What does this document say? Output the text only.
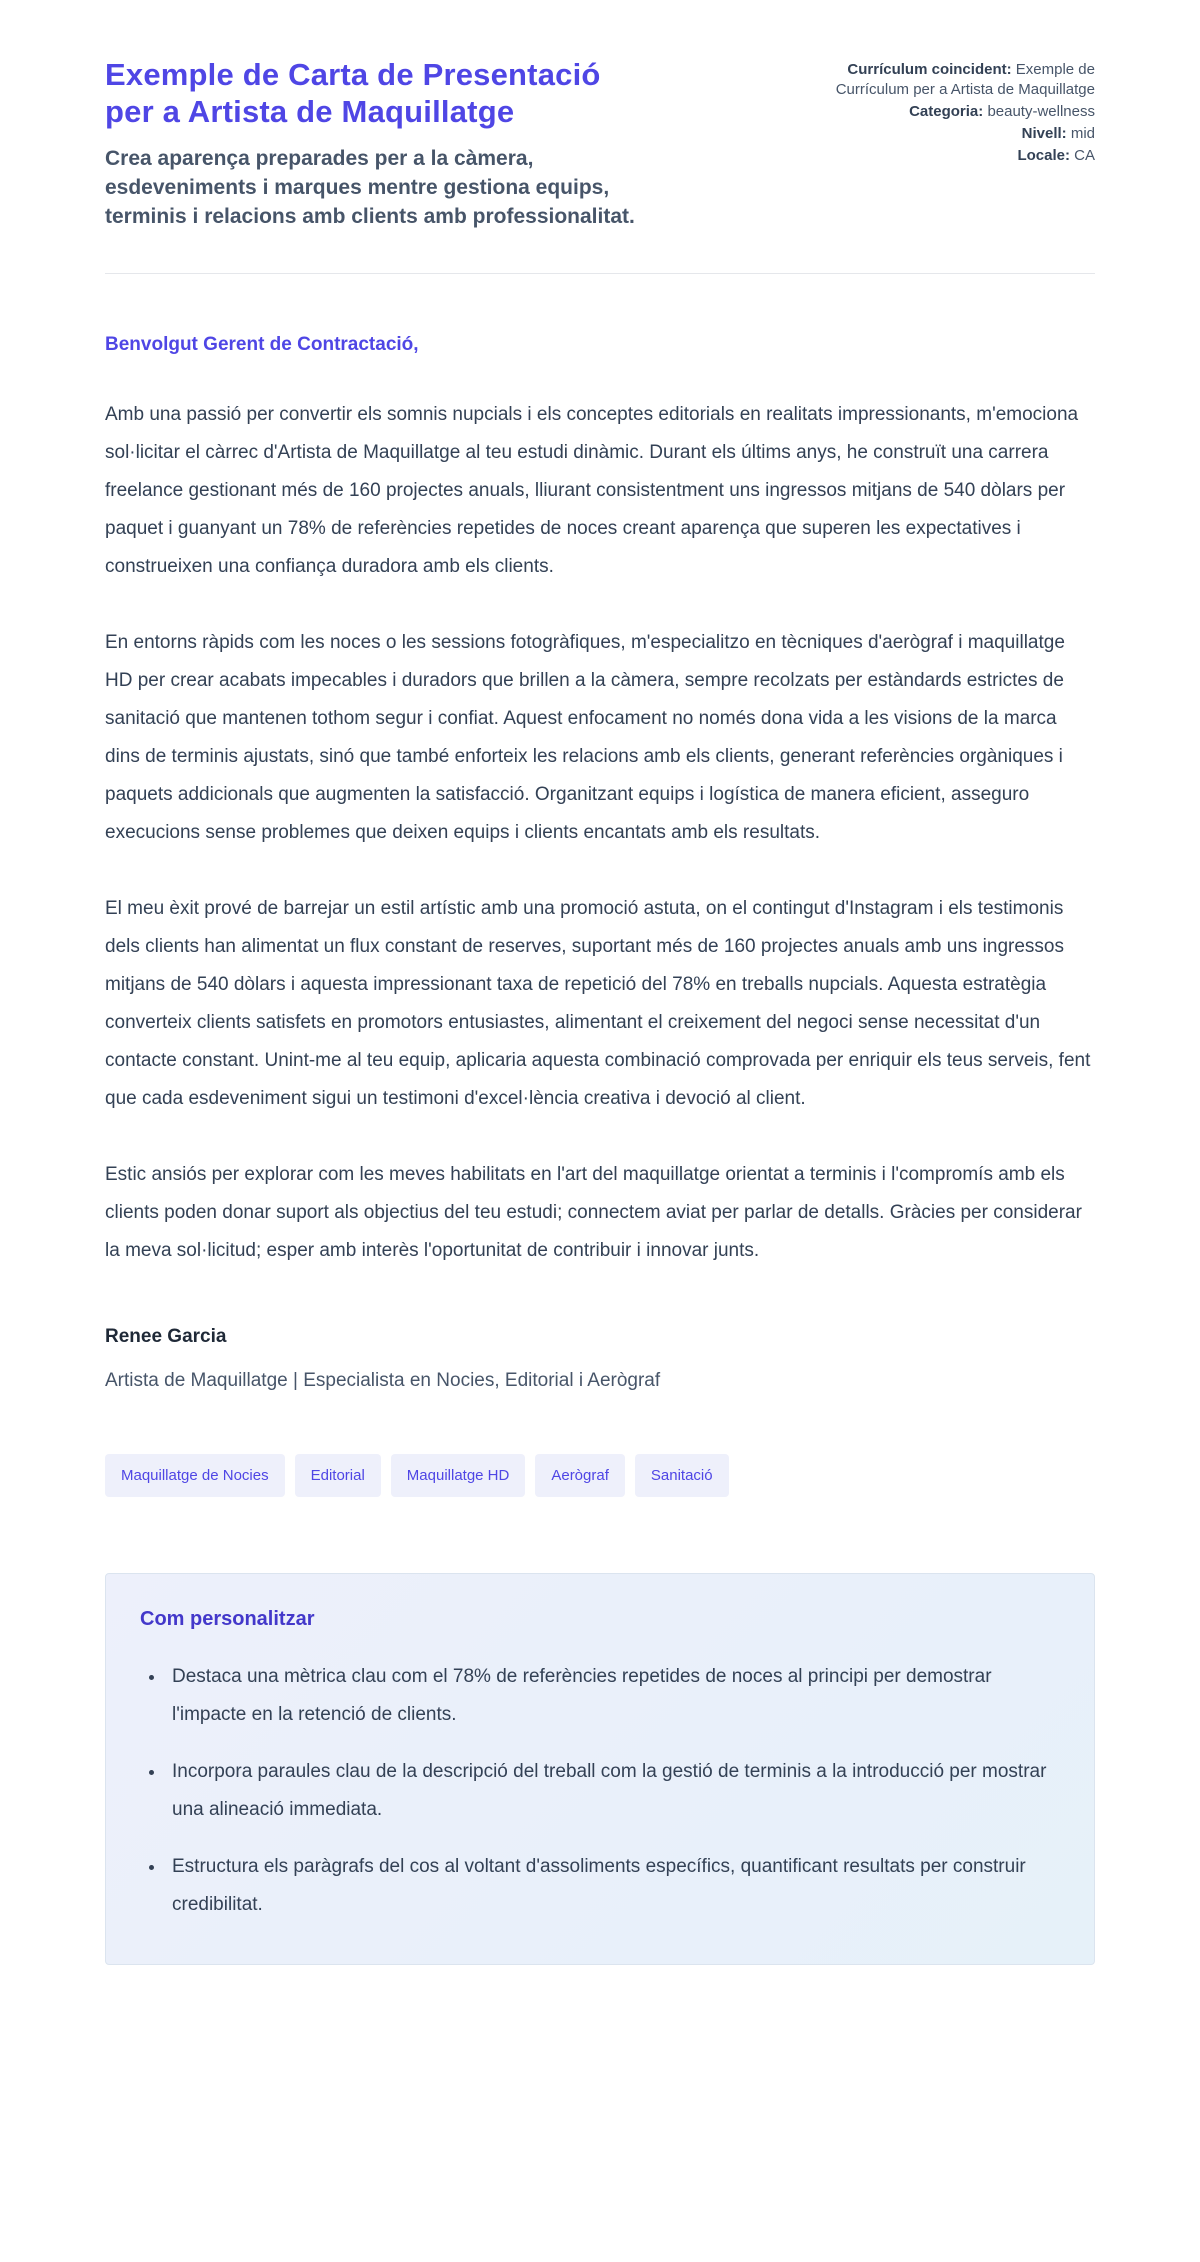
Exemple de Carta de Presentació per a Artista de Maquillatge
Crea aparença preparades per a la càmera, esdeveniments i marques mentre gestiona equips, terminis i relacions amb clients amb professionalitat.
Currículum coincident: Exemple de Currículum per a Artista de Maquillatge
Categoria: beauty-wellness
Nivell: mid
Locale: CA
Benvolgut Gerent de Contractació,

Amb una passió per convertir els somnis nupcials i els conceptes editorials en realitats impressionants, m'emociona sol·licitar el càrrec d'Artista de Maquillatge al teu estudi dinàmic. Durant els últims anys, he construït una carrera freelance gestionant més de 160 projectes anuals, lliurant consistentment uns ingressos mitjans de 540 dòlars per paquet i guanyant un 78% de referències repetides de noces creant aparença que superen les expectatives i construeixen una confiança duradora amb els clients.

En entorns ràpids com les noces o les sessions fotogràfiques, m'especialitzo en tècniques d'aerògraf i maquillatge HD per crear acabats impecables i duradors que brillen a la càmera, sempre recolzats per estàndards estrictes de sanitació que mantenen tothom segur i confiat. Aquest enfocament no només dona vida a les visions de la marca dins de terminis ajustats, sinó que també enforteix les relacions amb els clients, generant referències orgàniques i paquets addicionals que augmenten la satisfacció. Organitzant equips i logística de manera eficient, asseguro execucions sense problemes que deixen equips i clients encantats amb els resultats.

El meu èxit prové de barrejar un estil artístic amb una promoció astuta, on el contingut d'Instagram i els testimonis dels clients han alimentat un flux constant de reserves, suportant més de 160 projectes anuals amb uns ingressos mitjans de 540 dòlars i aquesta impressionant taxa de repetició del 78% en treballs nupcials. Aquesta estratègia converteix clients satisfets en promotors entusiastes, alimentant el creixement del negoci sense necessitat d'un contacte constant. Unint-me al teu equip, aplicaria aquesta combinació comprovada per enriquir els teus serveis, fent que cada esdeveniment sigui un testimoni d'excel·lència creativa i devoció al client.

Estic ansiós per explorar com les meves habilitats en l'art del maquillatge orientat a terminis i l'compromís amb els clients poden donar suport als objectius del teu estudi; connectem aviat per parlar de detalls. Gràcies per considerar la meva sol·licitud; esper amb interès l'oportunitat de contribuir i innovar junts.

Renee Garcia
Artista de Maquillatge | Especialista en Nocies, Editorial i Aerògraf
Maquillatge de Nocies	Editorial	Maquillatge HD	Aerògraf	Sanitació
Com personalitzar
• Destaca una mètrica clau com el 78% de referències repetides de noces al principi per demostrar l'impacte en la retenció de clients.
• Incorpora paraules clau de la descripció del treball com la gestió de terminis a la introducció per mostrar una alineació immediata.
• Estructura els paràgrafs del cos al voltant d'assoliments específics, quantificant resultats per construir credibilitat.
